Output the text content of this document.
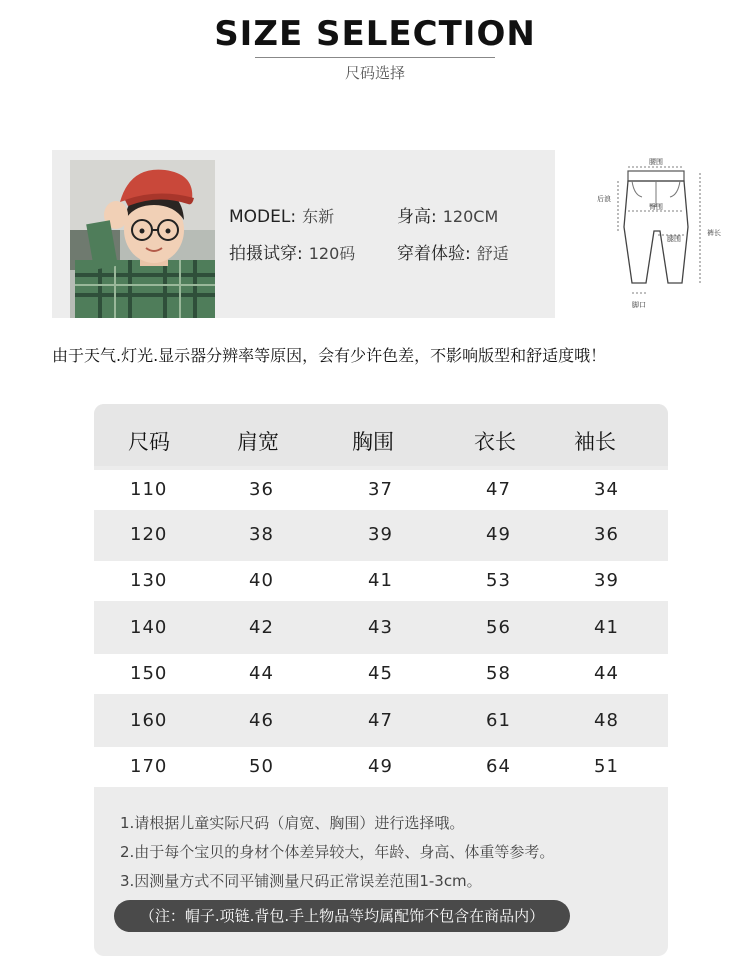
SIZE SELECTION
尺码选择
MODEL: 东新	身高: 120CM
拍摄试穿: 120码 穿着体验: 舒适
腰围
后浪
臀围
腿围
裤长
脚口
由于天气.灯光.显示器分辨率等原因，会有少许色差，不影响版型和舒适度哦！
尺码	肩宽	胸围	衣长	袖长
110	36	37	47	34
120	38	39	49	36
130	40	41	53	39
140	42	43	56	41
150	44	45	58	44
160	46	47	61	48
170	50	49	64	51
1.请根据儿童实际尺码（肩宽、胸围）进行选择哦。
2.由于每个宝贝的身材个体差异较大，年龄、身高、体重等参考。
3.因测量方式不同平铺测量尺码正常误差范围1-3cm。
（注：帽子.项链.背包.手上物品等均属配饰不包含在商品内）
